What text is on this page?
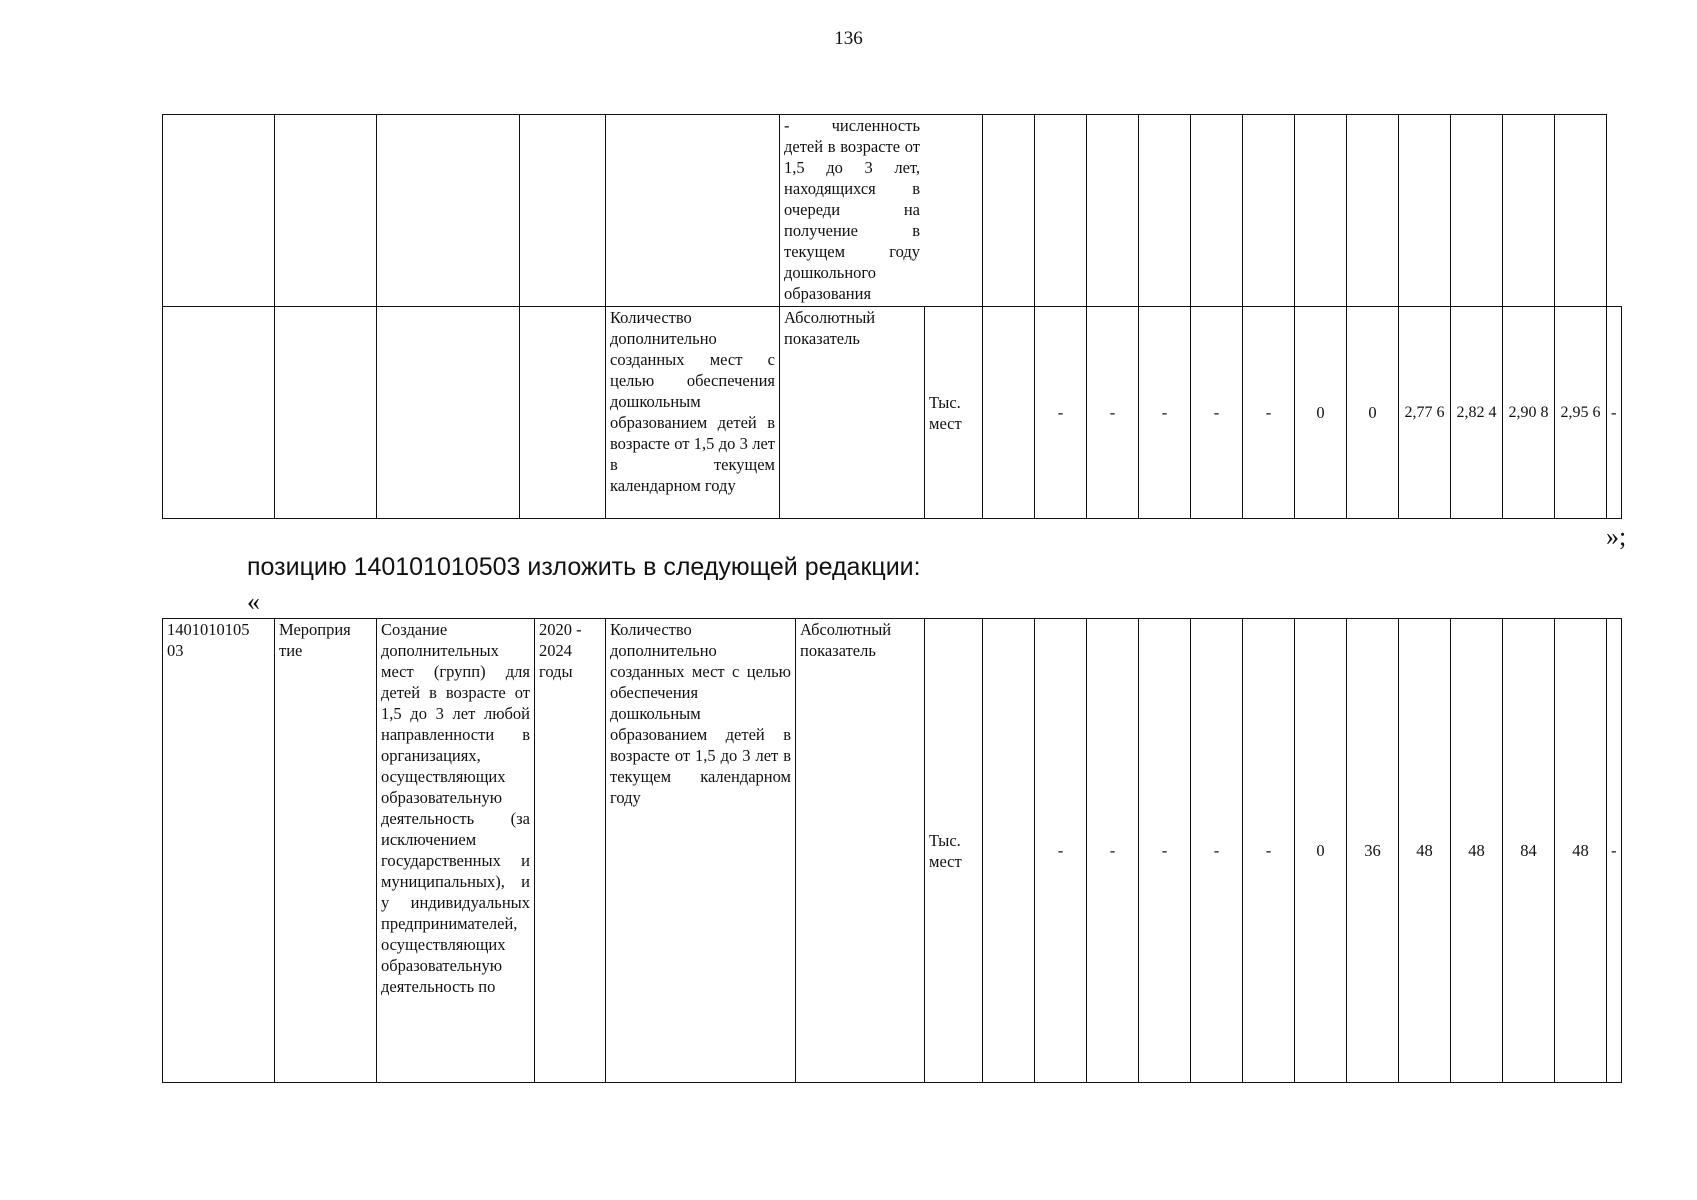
136
					- численность детей в возрасте от 1,5 до 3 лет, находящихся в очереди на получение в текущем году дошкольного образования														
				Количество дополнительно созданных мест с целью обеспечения дошкольным образованием детей в возрасте от 1,5 до 3 лет в текущем календарном году	Абсолютный показатель	Тыс. мест		-	-	-	-	-	0	0	2,77 6	2,82 4	2,90 8	2,95 6	-
»;
позицию 140101010503 изложить в следующей редакции:
«
1401010105 03	Мероприя тие	Создание дополнительных мест (групп) для детей в возрасте от 1,5 до 3 лет любой направленности в организациях, осуществляющих образовательную деятельность (за исключением государственных и муниципальных), и у индивидуальных предпринимателей, осуществляющих образовательную деятельность по	2020 - 2024 годы	Количество дополнительно созданных мест с целью обеспечения дошкольным образованием детей в возрасте от 1,5 до 3 лет в текущем календарном году	Абсолютный показатель	Тыс. мест		-	-	-	-	-	0	36	48	48	84	48	-
